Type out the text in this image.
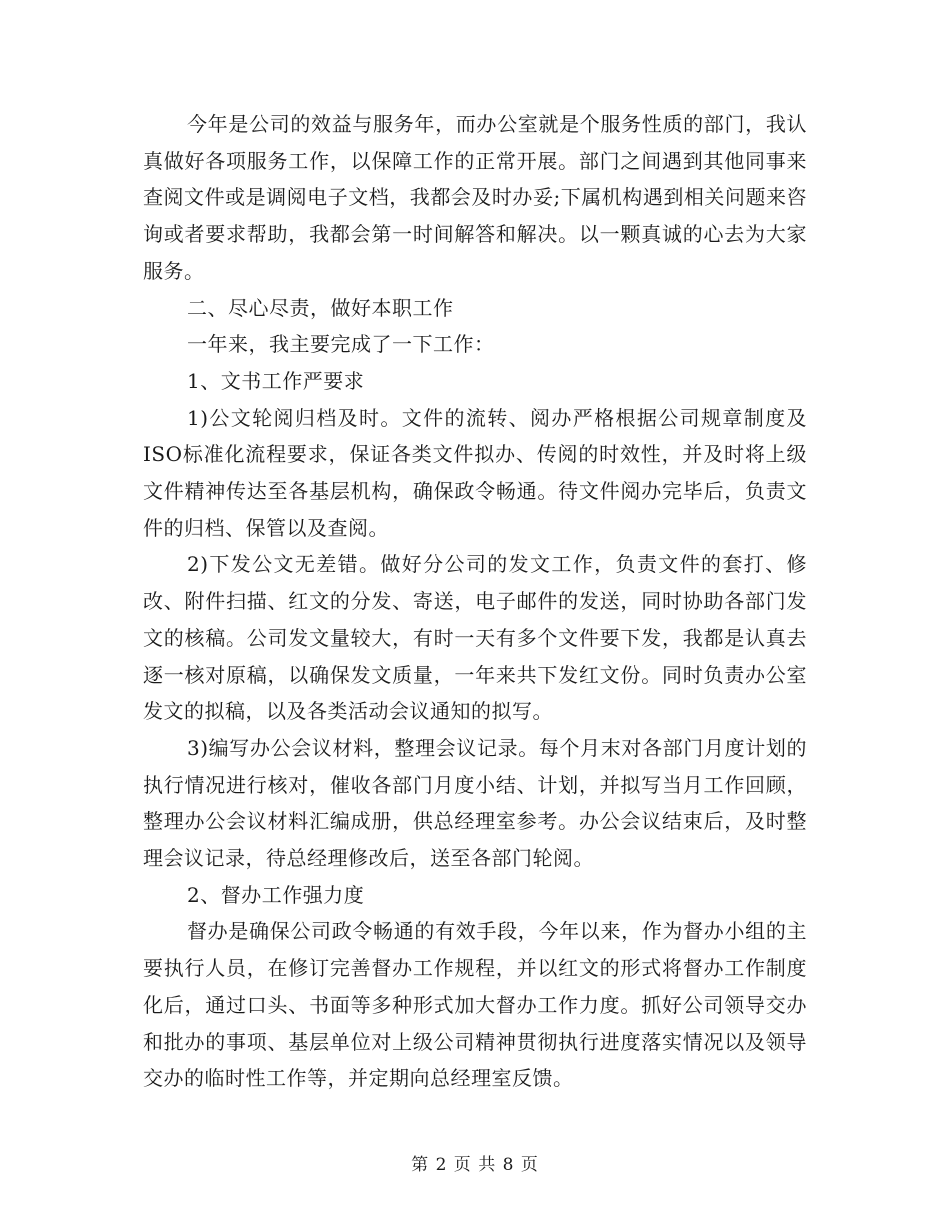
今年是公司的效益与服务年，而办公室就是个服务性质的部门，我认真做好各项服务工作，以保障工作的正常开展。部门之间遇到其他同事来查阅文件或是调阅电子文档，我都会及时办妥;下属机构遇到相关问题来咨询或者要求帮助，我都会第一时间解答和解决。以一颗真诚的心去为大家服务。

二、尽心尽责，做好本职工作

一年来，我主要完成了一下工作：

1、文书工作严要求

1)公文轮阅归档及时。文件的流转、阅办严格根据公司规章制度及ISO标准化流程要求，保证各类文件拟办、传阅的时效性，并及时将上级文件精神传达至各基层机构，确保政令畅通。待文件阅办完毕后，负责文件的归档、保管以及查阅。

2)下发公文无差错。做好分公司的发文工作，负责文件的套打、修改、附件扫描、红文的分发、寄送，电子邮件的发送，同时协助各部门发文的核稿。公司发文量较大，有时一天有多个文件要下发，我都是认真去逐一核对原稿，以确保发文质量，一年来共下发红文份。同时负责办公室发文的拟稿，以及各类活动会议通知的拟写。

3)编写办公会议材料，整理会议记录。每个月末对各部门月度计划的执行情况进行核对，催收各部门月度小结、计划，并拟写当月工作回顾，整理办公会议材料汇编成册，供总经理室参考。办公会议结束后，及时整理会议记录，待总经理修改后，送至各部门轮阅。

2、督办工作强力度

督办是确保公司政令畅通的有效手段，今年以来，作为督办小组的主要执行人员，在修订完善督办工作规程，并以红文的形式将督办工作制度化后，通过口头、书面等多种形式加大督办工作力度。抓好公司领导交办和批办的事项、基层单位对上级公司精神贯彻执行进度落实情况以及领导交办的临时性工作等，并定期向总经理室反馈。

第 2 页 共 8 页
